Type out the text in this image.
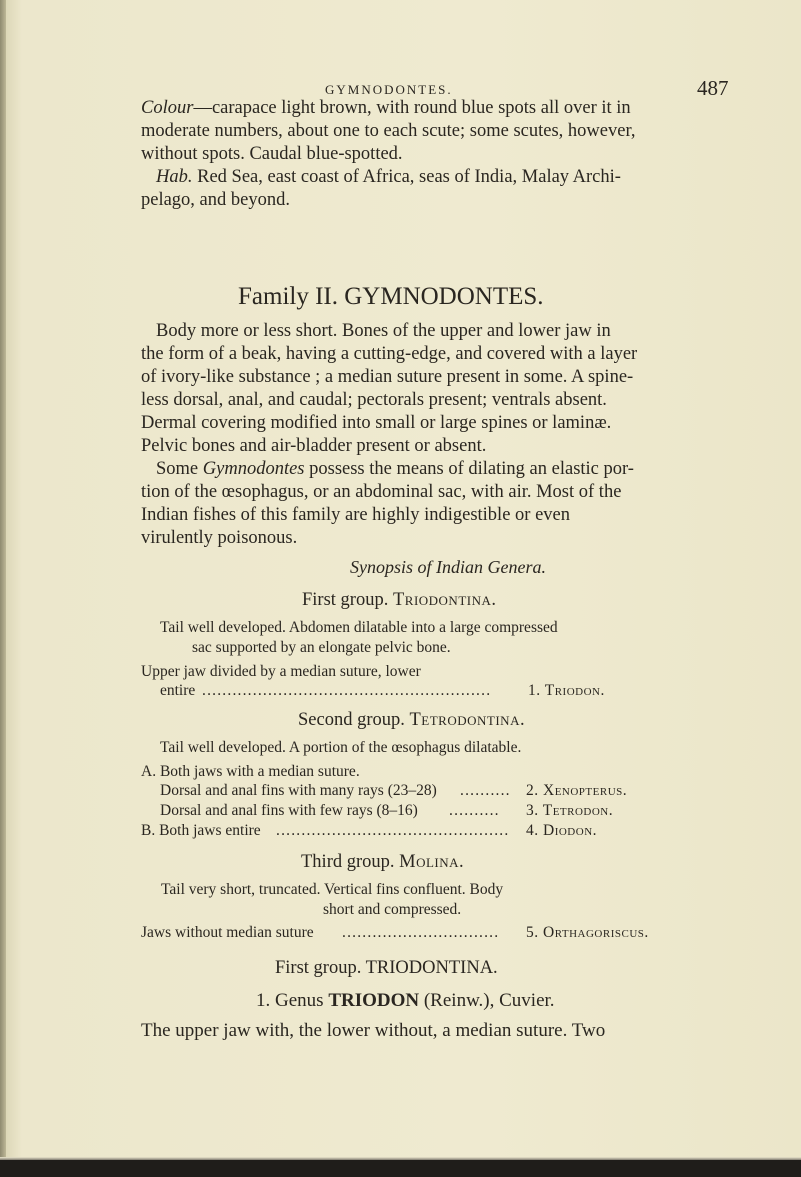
GYMNODONTES.	487
Colour—carapace light brown, with round blue spots all over it in
moderate numbers, about one to each scute; some scutes, however,
without spots. Caudal blue-spotted.
Hab. Red Sea, east coast of Africa, seas of India, Malay Archi-
pelago, and beyond.
Family II. GYMNODONTES.
Body more or less short. Bones of the upper and lower jaw in
the form of a beak, having a cutting-edge, and covered with a layer
of ivory-like substance ; a median suture present in some. A spine-
less dorsal, anal, and caudal; pectorals present; ventrals absent.
Dermal covering modified into small or large spines or laminæ.
Pelvic bones and air-bladder present or absent.
Some Gymnodontes possess the means of dilating an elastic por-
tion of the œsophagus, or an abdominal sac, with air. Most of the
Indian fishes of this family are highly indigestible or even
virulently poisonous.
Synopsis of Indian Genera.
First group. Triodontina.
Tail well developed. Abdomen dilatable into a large compressed
sac supported by an elongate pelvic bone.
Upper jaw divided by a median suture, lower
entire .........................................................	1. Triodon.
Second group. Tetrodontina.
Tail well developed. A portion of the œsophagus dilatable.
A. Both jaws with a median suture.
Dorsal and anal fins with many rays (23–28) .......... 2. Xenopterus.
Dorsal and anal fins with few rays (8–16) .......... 3. Tetrodon.
B. Both jaws entire .............................................. 4. Diodon.
Third group. Molina.
Tail very short, truncated. Vertical fins confluent. Body
short and compressed.
Jaws without median suture ............................... 5. Orthagoriscus.
First group. TRIODONTINA.
1. Genus TRIODON (Reinw.), Cuvier.
The upper jaw with, the lower without, a median suture. Two
